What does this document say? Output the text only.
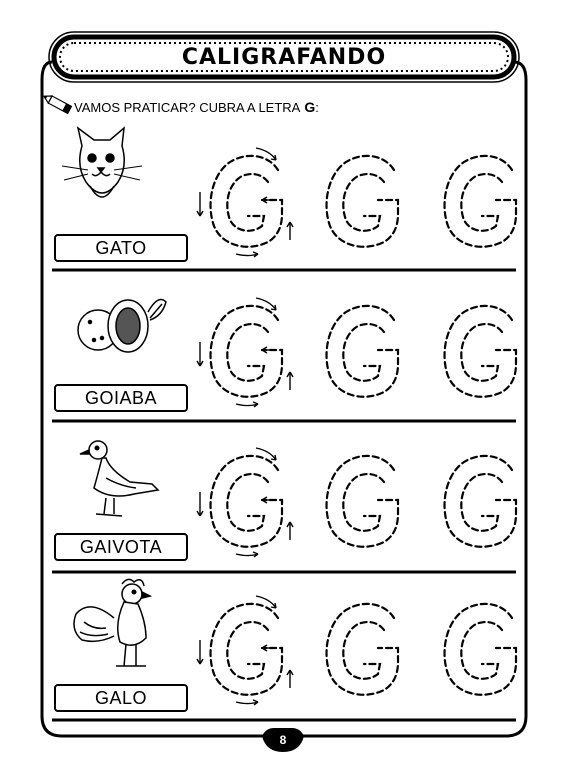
CALIGRAFANDO
VAMOS PRATICAR? CUBRA A LETRA G :
GATO
GOIABA
GAIVOTA
GALO
8
